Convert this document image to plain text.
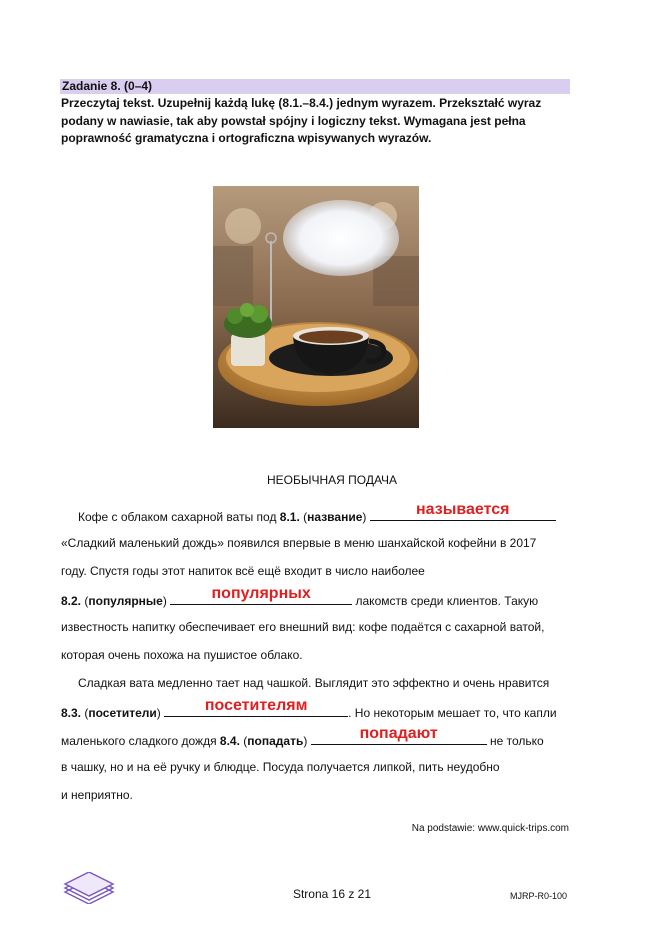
Zadanie 8. (0–4)
Przeczytaj tekst. Uzupełnij każdą lukę (8.1.–8.4.) jednym wyrazem. Przekształć wyraz
podany w nawiasie, tak aby powstał spójny i logiczny tekst. Wymagana jest pełna
poprawność gramatyczna i ortograficzna wpisywanych wyrazów.
НЕОБЫЧНАЯ ПОДАЧА
Кофе с облаком сахарной ваты под 8.1. (название)	называется
«Сладкий маленький дождь» появился впервые в меню шанхайской кофейни в 2017
году. Спустя годы этот напиток всё ещё входит в число наиболее
8.2. (популярные)	популярных	лакомств среди клиентов. Такую
известность напитку обеспечивает его внешний вид: кофе подаётся с сахарной ватой,
которая очень похожа на пушистое облако.
Сладкая вата медленно тает над чашкой. Выглядит это эффектно и очень нравится
8.3. (посетители)	посетителям	. Но некоторым мешает то, что капли
маленького сладкого дождя 8.4. (попадать)	попадают	не только
в чашку, но и на её ручку и блюдце. Посуда получается липкой, пить неудобно
и неприятно.
Na podstawie: www.quick-trips.com
Strona 16 z 21	MJRP-R0-100
